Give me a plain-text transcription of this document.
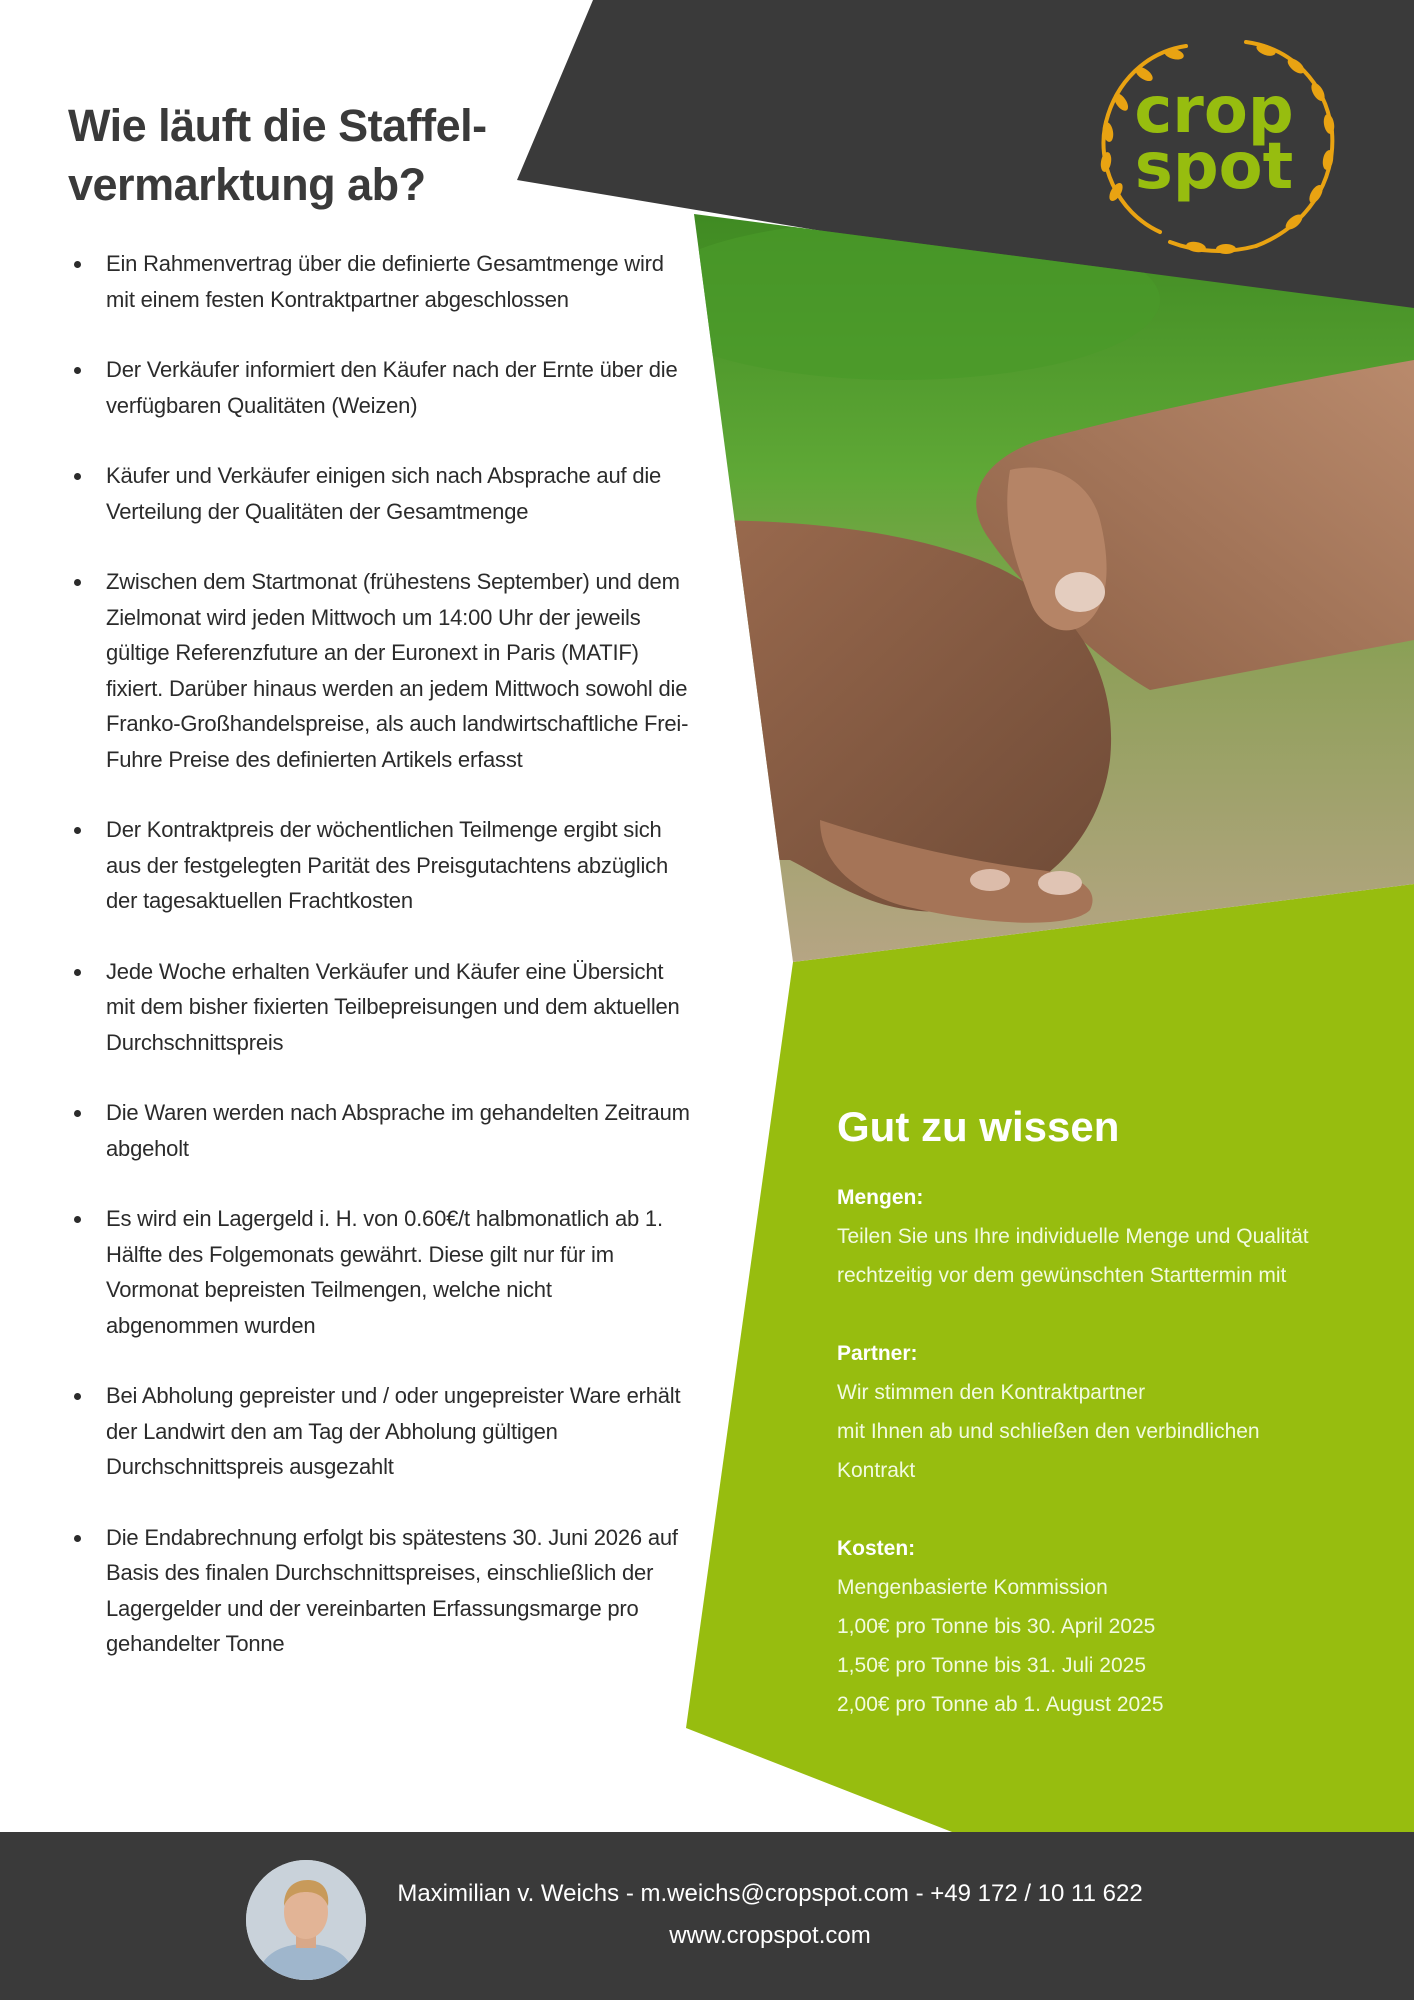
crop
spot
Wie läuft die Staffel-
vermarktung ab?
Ein Rahmenvertrag über die definierte Gesamtmenge wird mit einem festen Kontraktpartner abgeschlossen
Der Verkäufer informiert den Käufer nach der Ernte über die verfügbaren Qualitäten (Weizen)
Käufer und Verkäufer einigen sich nach Absprache auf die Verteilung der Qualitäten der Gesamtmenge
Zwischen dem Startmonat (frühestens September) und dem Zielmonat wird jeden Mittwoch um 14:00 Uhr der jeweils gültige Referenzfuture an der Euronext in Paris (MATIF) fixiert. Darüber hinaus werden an jedem Mittwoch sowohl die Franko-Großhandelspreise, als auch landwirtschaftliche Frei-Fuhre Preise des definierten Artikels erfasst
Der Kontraktpreis der wöchentlichen Teilmenge ergibt sich aus der festgelegten Parität des Preisgutachtens abzüglich der tagesaktuellen Frachtkosten
Jede Woche erhalten Verkäufer und Käufer eine Übersicht mit dem bisher fixierten Teilbepreisungen und dem aktuellen Durchschnittspreis
Die Waren werden nach Absprache im gehandelten Zeitraum abgeholt
Es wird ein Lagergeld i. H. von 0.60€/t halbmonatlich ab 1. Hälfte des Folgemonats gewährt. Diese gilt nur für im Vormonat bepreisten Teilmengen, welche nicht abgenommen wurden
Bei Abholung gepreister und / oder ungepreister Ware erhält der Landwirt den am Tag der Abholung gültigen Durchschnittspreis ausgezahlt
Die Endabrechnung erfolgt bis spätestens 30. Juni 2026 auf Basis des finalen Durchschnittspreises, einschließlich der Lagergelder und der vereinbarten Erfassungsmarge pro gehandelter Tonne
Gut zu wissen
Mengen:
Teilen Sie uns Ihre individuelle Menge und Qualität
rechtzeitig vor dem gewünschten Starttermin mit
Partner:
Wir stimmen den Kontraktpartner
mit Ihnen ab und schließen den verbindlichen
Kontrakt
Kosten:
Mengenbasierte Kommission
1,00€ pro Tonne bis 30. April 2025
1,50€ pro Tonne bis 31. Juli 2025
2,00€ pro Tonne ab 1. August 2025

Maximilian v. Weichs - m.weichs@cropspot.com - +49 172 / 10 11 622

www.cropspot.com
